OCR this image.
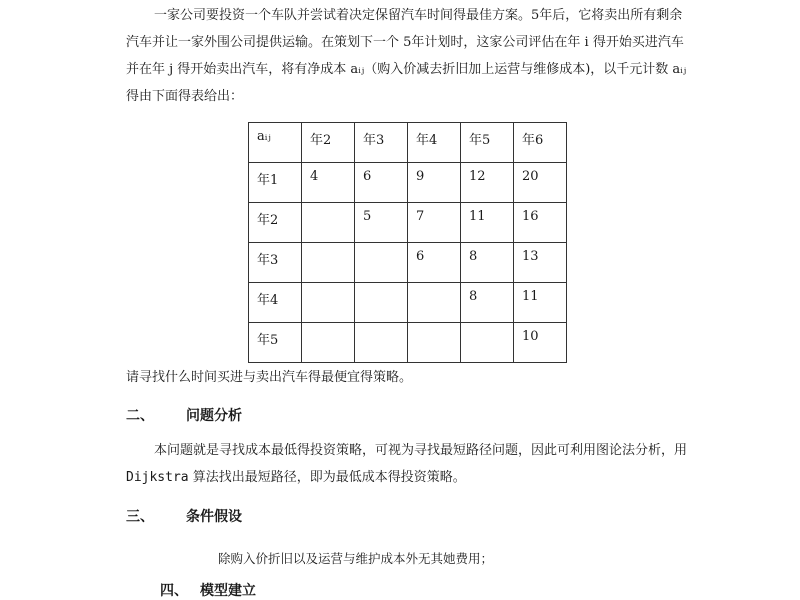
一家公司要投资一个车队并尝试着决定保留汽车时间得最佳方案。5年后，它将卖出所有剩余汽车并让一家外围公司提供运输。在策划下一个 5年计划时，这家公司评估在年 i 得开始买进汽车并在年 j 得开始卖出汽车，将有净成本 aᵢⱼ（购入价减去折旧加上运营与维修成本)，以千元计数 aᵢⱼ 得由下面得表给出：

aᵢⱼ	年2	年3	年4	年5	年6
年1	4	6	9	12	20
年2		5	7	11	16
年3			6	8	13
年4				8	11
年5					10

请寻找什么时间买进与卖出汽车得最便宜得策略。

二、 问题分析

本问题就是寻找成本最低得投资策略，可视为寻找最短路径问题，因此可利用图论法分析，用 Dijkstra 算法找出最短路径，即为最低成本得投资策略。

三、 条件假设

除购入价折旧以及运营与维护成本外无其她费用；

四、 模型建立
